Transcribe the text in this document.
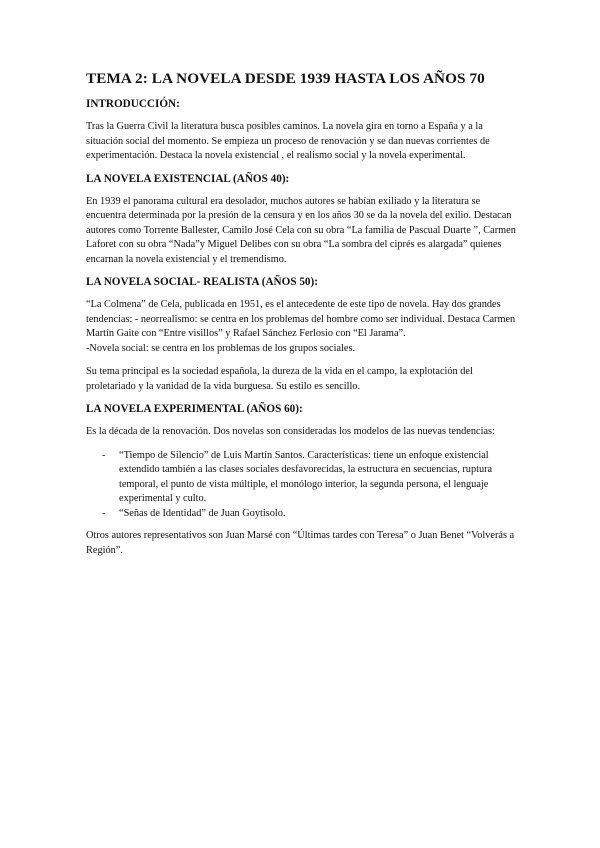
TEMA 2: LA NOVELA DESDE 1939 HASTA LOS AÑOS 70
INTRODUCCIÓN:

Tras la Guerra Civil la literatura busca posibles caminos. La novela gira en torno a España y a la situación social del momento. Se empieza un proceso de renovación y se dan nuevas corrientes de experimentación. Destaca la novela existencial , el realismo social y la novela experimental.

LA NOVELA EXISTENCIAL (AÑOS 40):

En 1939 el panorama cultural era desolador, muchos autores se habían exiliado y la literatura se encuentra determinada por la presión de la censura y en los años 30 se da la novela del exilio. Destacan autores como Torrente Ballester, Camilo José Cela con su obra “La familia de Pascual Duarte ”, Carmen Laforet con su obra “Nada”y Miguel Delibes con su obra “La sombra del ciprés es alargada” quienes encarnan la novela existencial y el tremendismo.

LA NOVELA SOCIAL- REALISTA (AÑOS 50):

“La Colmena” de Cela, publicada en 1951, es el antecedente de este tipo de novela. Hay dos grandes tendencias: - neorrealismo: se centra en los problemas del hombre como ser individual. Destaca Carmen Martín Gaite con “Entre visillos” y Rafael Sánchez Ferlosio con “El Jarama”.

-Novela social: se centra en los problemas de los grupos sociales.

Su tema principal es la sociedad española, la dureza de la vida en el campo, la explotación del proletariado y la vanidad de la vida burguesa. Su estilo es sencillo.

LA NOVELA EXPERIMENTAL (AÑOS 60):

Es la década de la renovación. Dos novelas son consideradas los modelos de las nuevas tendencias:

- “Tiempo de Silencio” de Luis Martín Santos. Características: tiene un enfoque existencial extendido también a las clases sociales desfavorecidas, la estructura en secuencias, ruptura temporal, el punto de vista múltiple, el monólogo interior, la segunda persona, el lenguaje experimental y culto.
- “Señas de Identidad” de Juan Goytisolo.

Otros autores representativos son Juan Marsé con “Últimas tardes con Teresa” o Juan Benet “Volverás a Región”.
